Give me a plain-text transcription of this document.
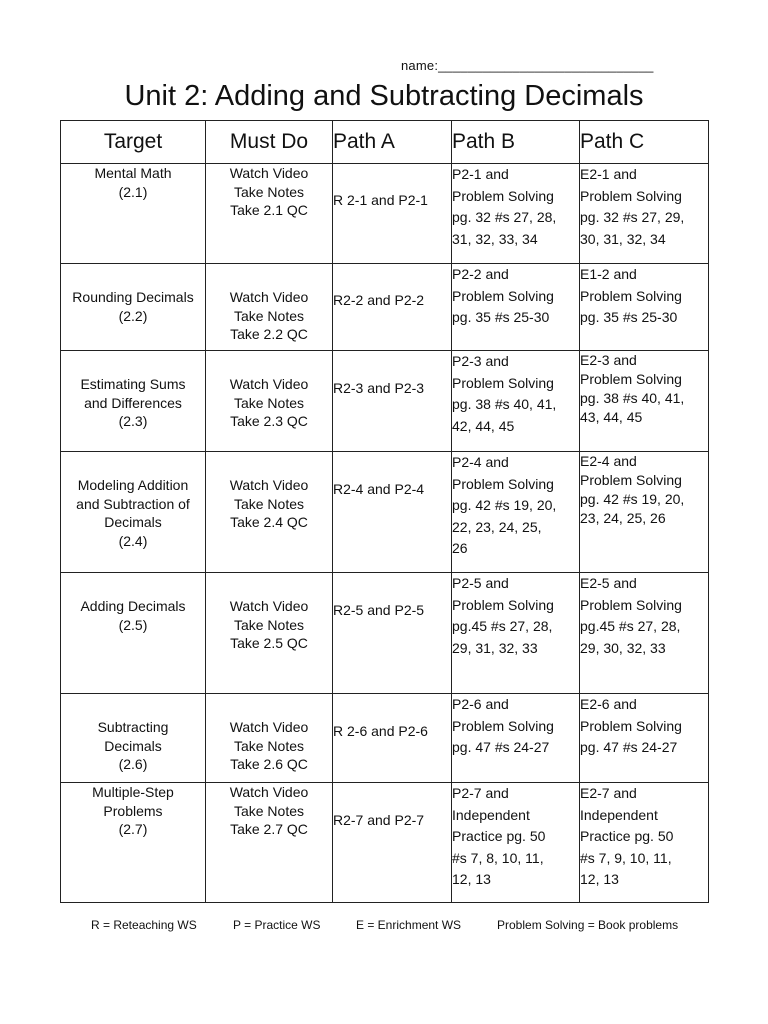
name:_____________________________
Unit 2: Adding and Subtracting Decimals
Target	Must Do	Path A	Path B	Path C

Mental Math
(2.1)	Watch Video
Take Notes
Take 2.1 QC	R 2-1 and P2-1	P2-1 and
Problem Solving
pg. 32 #s 27, 28,
31, 32, 33, 34	E2-1 and
Problem Solving
pg. 32 #s 27, 29,
30, 31, 32, 34

Rounding Decimals
(2.2)	Watch Video
Take Notes
Take 2.2 QC	R2-2 and P2-2	P2-2 and
Problem Solving
pg. 35 #s 25-30	E1-2 and
Problem Solving
pg. 35 #s 25-30

Estimating Sums
and Differences
(2.3)	Watch Video
Take Notes
Take 2.3 QC	R2-3 and P2-3	P2-3 and
Problem Solving
pg. 38 #s 40, 41,
42, 44, 45	E2-3 and
Problem Solving
pg. 38 #s 40, 41,
43, 44, 45

Modeling Addition
and Subtraction of
Decimals
(2.4)	Watch Video
Take Notes
Take 2.4 QC	R2-4 and P2-4	P2-4 and
Problem Solving
pg. 42 #s 19, 20,
22, 23, 24, 25,
26	E2-4 and
Problem Solving
pg. 42 #s 19, 20,
23, 24, 25, 26

Adding Decimals
(2.5)	Watch Video
Take Notes
Take 2.5 QC	R2-5 and P2-5	P2-5 and
Problem Solving
pg.45 #s 27, 28,
29, 31, 32, 33	E2-5 and
Problem Solving
pg.45 #s 27, 28,
29, 30, 32, 33

Subtracting
Decimals
(2.6)	Watch Video
Take Notes
Take 2.6 QC	R 2-6 and P2-6	P2-6 and
Problem Solving
pg. 47 #s 24-27	E2-6 and
Problem Solving
pg. 47 #s 24-27

Multiple-Step
Problems
(2.7)	Watch Video
Take Notes
Take 2.7 QC	R2-7 and P2-7	P2-7 and
Independent
Practice pg. 50
#s 7, 8, 10, 11,
12, 13	E2-7 and
Independent
Practice pg. 50
#s 7, 9, 10, 11,
12, 13
R = Reteaching WS	P = Practice WS	E = Enrichment WS	Problem Solving = Book problems
